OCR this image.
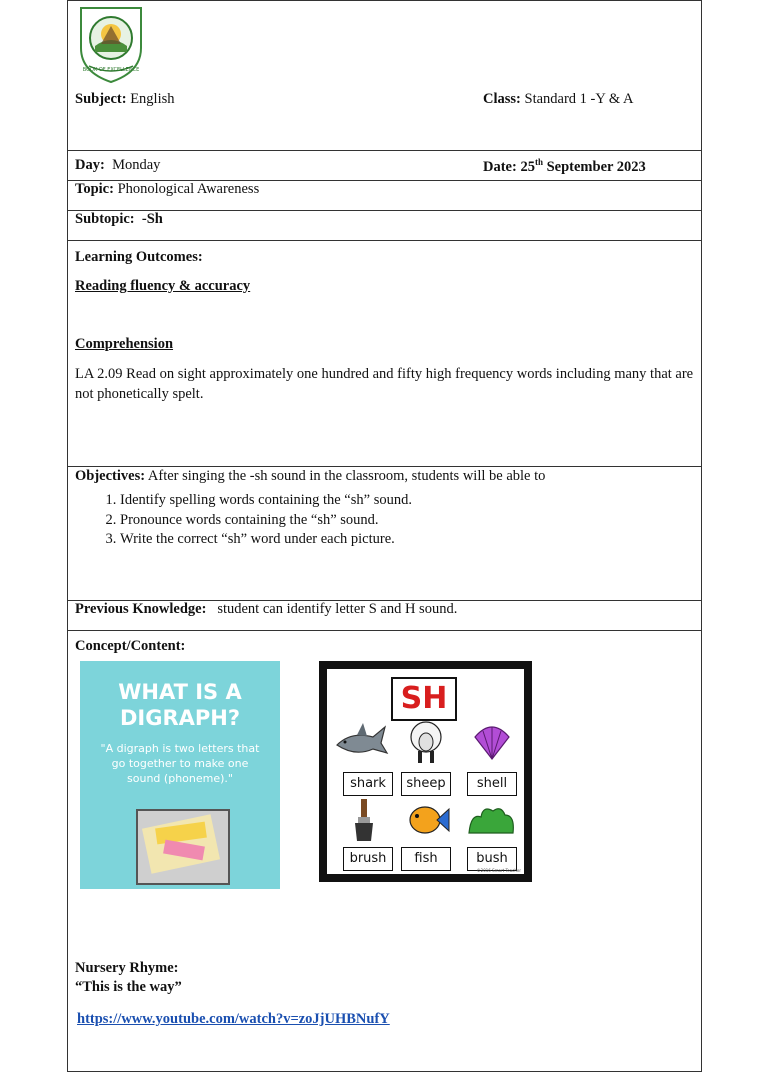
BOOK OF EXCELLENCE
Subject: English	Class: Standard 1 -Y & A

Day: Monday	Date: 25th September 2023

Topic: Phonological Awareness
Subtopic: -Sh

Learning Outcomes:

Reading fluency & accuracy

Comprehension

LA 2.09 Read on sight approximately one hundred and fifty high frequency words including many that are not phonetically spelt.

Objectives: After singing the -sh sound in the classroom, students will be able to

1. Identify spelling words containing the “sh” sound.
2. Pronounce words containing the “sh” sound.
3. Write the correct “sh” word under each picture.

Previous Knowledge: student can identify letter S and H sound.

Concept/Content:

WHAT IS A
DIGRAPH?
"A digraph is two letters that go together to make one sound (phoneme)."
SH
shark	sheep	shell
brush	fish	bush
©2016 Smart Teacher
Nursery Rhyme:
“This is the way”
https://www.youtube.com/watch?v=zoJjUHBNufY
